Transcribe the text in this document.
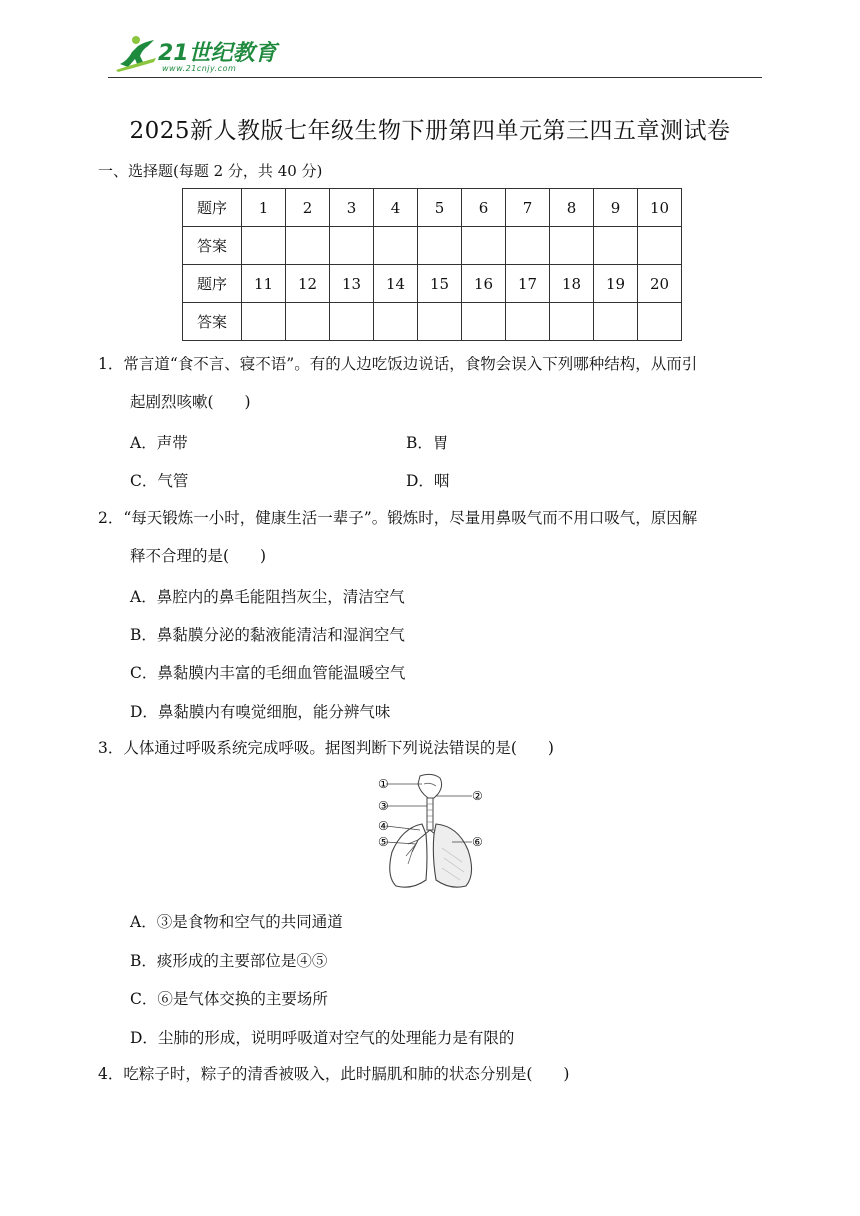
21世纪教育
www.21cnjy.com
2025新人教版七年级生物下册第四单元第三四五章测试卷
一、选择题(每题 2 分，共 40 分)
题序	1	2	3	4	5	6	7	8	9	10
答案										
题序	11	12	13	14	15	16	17	18	19	20
答案										
1．常言道“食不言、寝不语”。有的人边吃饭边说话，食物会误入下列哪种结构，从而引
起剧烈咳嗽(　　)
A．声带	B．胃
C．气管	D．咽
2．“每天锻炼一小时，健康生活一辈子”。锻炼时，尽量用鼻吸气而不用口吸气，原因解
释不合理的是(　　)
A．鼻腔内的鼻毛能阻挡灰尘，清洁空气
B．鼻黏膜分泌的黏液能清洁和湿润空气
C．鼻黏膜内丰富的毛细血管能温暖空气
D．鼻黏膜内有嗅觉细胞，能分辨气味
3．人体通过呼吸系统完成呼吸。据图判断下列说法错误的是(　　)
①
②
③
④
⑤	⑥
A．③是食物和空气的共同通道
B．痰形成的主要部位是④⑤
C．⑥是气体交换的主要场所
D．尘肺的形成，说明呼吸道对空气的处理能力是有限的
4．吃粽子时，粽子的清香被吸入，此时膈肌和肺的状态分别是(　　)
